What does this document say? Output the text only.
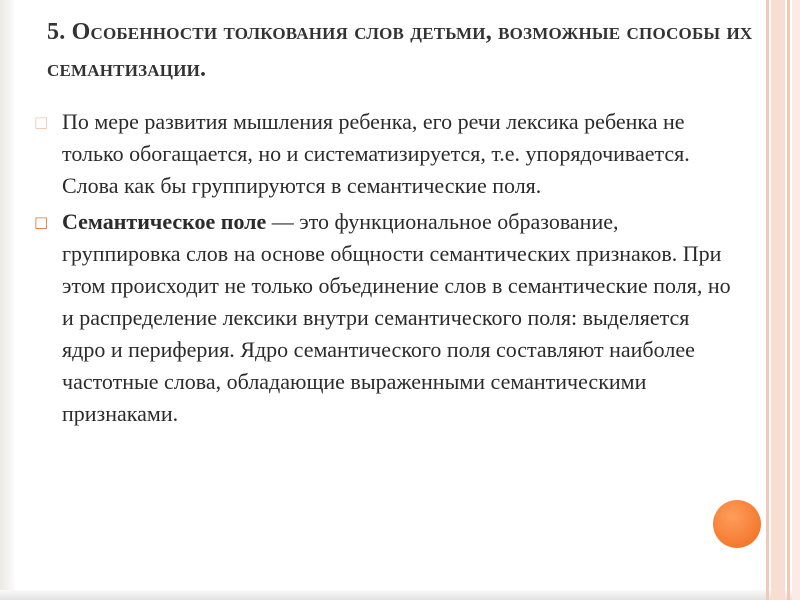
5. Особенности толкования слов детьми, возможные способы их семантизации.
□ По мере развития мышления ребенка, его речи лексика ребенка не только обогащается, но и систематизируется, т.е. упорядочивается. Слова как бы группируются в семантические поля.
□ Семантическое поле — это функциональное образование, группировка слов на основе общности семантических признаков. При этом происходит не только объединение слов в семантические поля, но и распределение лексики внутри семантического поля: выделяется ядро и периферия. Ядро семантического поля составляют наиболее частотные слова, обладающие выраженными семантическими признаками.
